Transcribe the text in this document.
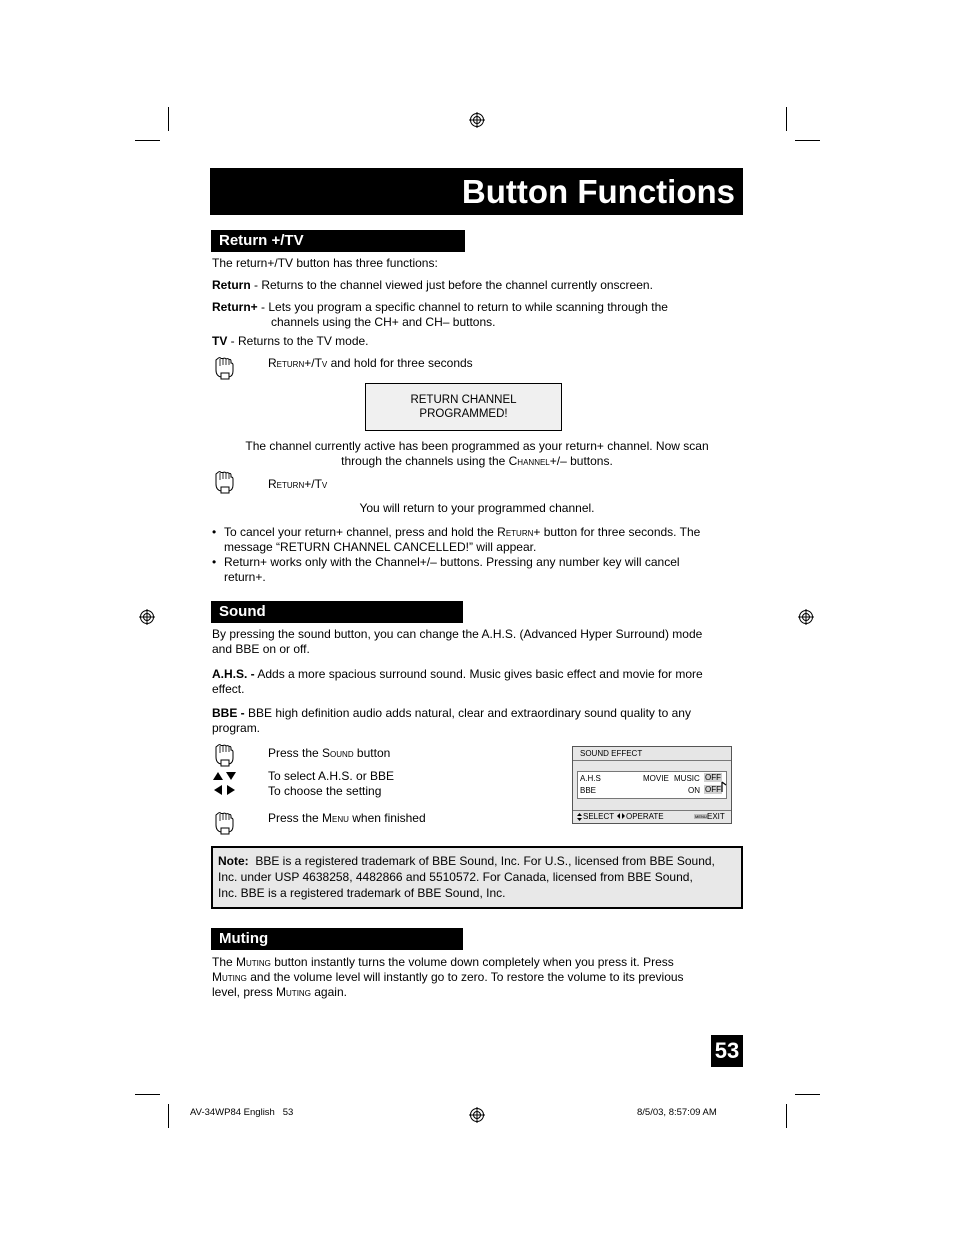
Button Functions
Return +/TV
The return+/TV button has three functions:
Return - Returns to the channel viewed just before the channel currently onscreen.
Return+ - Lets you program a specific channel to return to while scanning through the
channels using the CH+ and CH– buttons.
TV - Returns to the TV mode.
Return+/Tv and hold for three seconds
RETURN CHANNEL
PROGRAMMED!
The channel currently active has been programmed as your return+ channel. Now scan
through the channels using the Channel+/– buttons.
Return+/Tv
You will return to your programmed channel.
• To cancel your return+ channel, press and hold the Return+ button for three seconds. The
message “RETURN CHANNEL CANCELLED!” will appear.
• Return+ works only with the Channel+/– buttons. Pressing any number key will cancel
return+.
Sound
By pressing the sound button, you can change the A.H.S. (Advanced Hyper Surround) mode
and BBE on or off.
A.H.S. - Adds a more spacious surround sound. Music gives basic effect and movie for more
effect.
BBE - BBE high definition audio adds natural, clear and extraordinary sound quality to any
program.
Press the Sound button
To select A.H.S. or BBE
To choose the setting
Press the Menu when finished
SOUND EFFECT
A.H.S	MOVIE MUSIC OFF
BBE	ON OFF
SELECT OPERATE	MENU EXIT
Note:  BBE is a registered trademark of BBE Sound, Inc. For U.S., licensed from BBE Sound,
Inc. under USP 4638258, 4482866 and 5510572. For Canada, licensed from BBE Sound,
Inc. BBE is a registered trademark of BBE Sound, Inc.
Muting
The Muting button instantly turns the volume down completely when you press it. Press
Muting and the volume level will instantly go to zero. To restore the volume to its previous
level, press Muting again.
53
AV-34WP84 English   53	8/5/03, 8:57:09 AM
